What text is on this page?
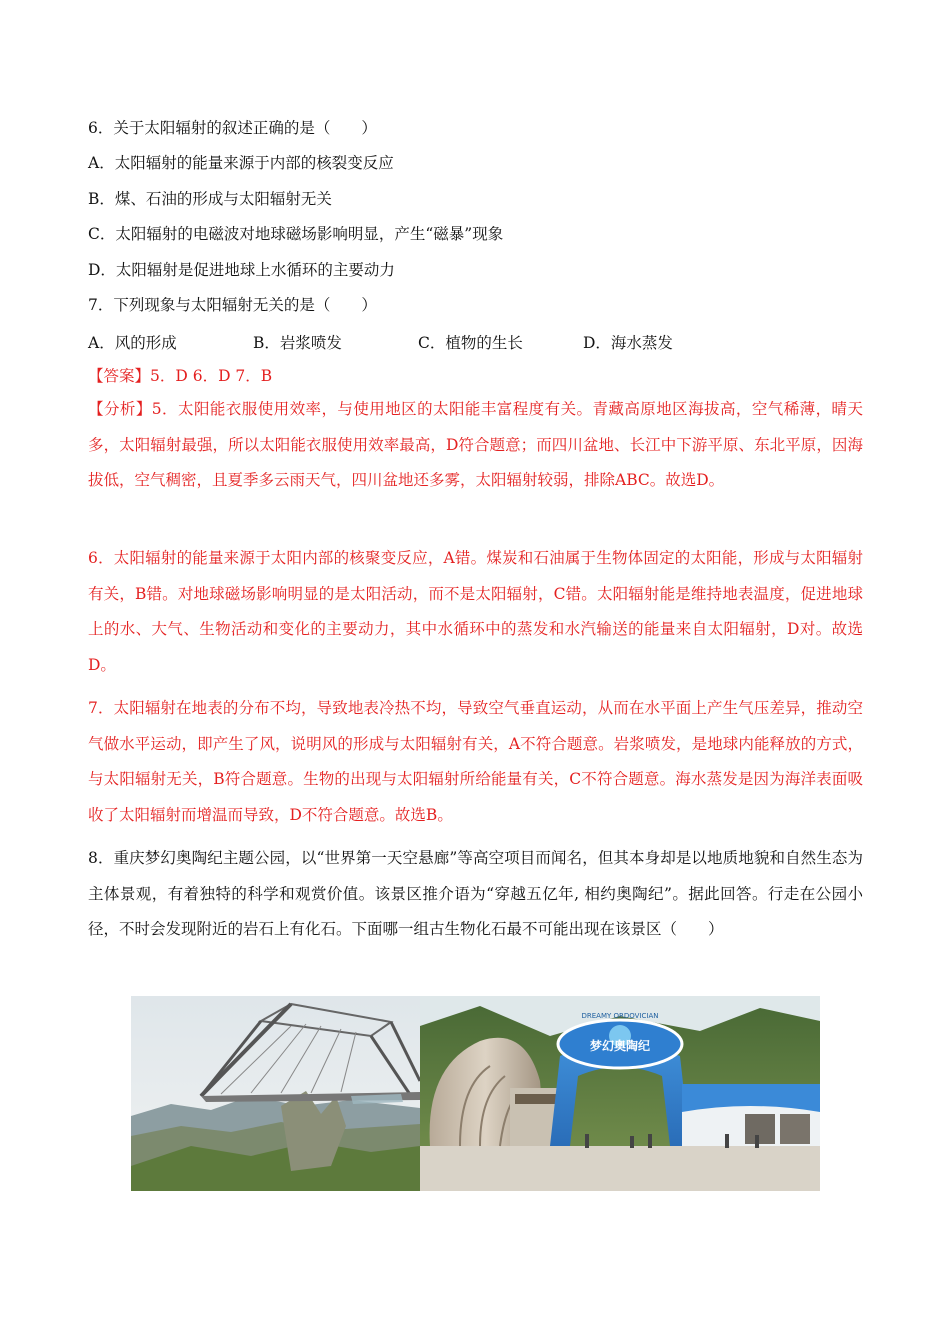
6．关于太阳辐射的叙述正确的是（　　）
A．太阳辐射的能量来源于内部的核裂变反应
B．煤、石油的形成与太阳辐射无关
C．太阳辐射的电磁波对地球磁场影响明显，产生“磁暴”现象
D．太阳辐射是促进地球上水循环的主要动力
7．下列现象与太阳辐射无关的是（　　）
A．风的形成	B．岩浆喷发	C．植物的生长	D．海水蒸发
【答案】5．D 6．D 7．B
【分析】5．太阳能衣服使用效率，与使用地区的太阳能丰富程度有关。青藏高原地区海拔高，空气稀薄，晴天多，太阳辐射最强，所以太阳能衣服使用效率最高，D符合题意；而四川盆地、长江中下游平原、东北平原，因海拔低，空气稠密，且夏季多云雨天气，四川盆地还多雾，太阳辐射较弱，排除ABC。故选D。
6．太阳辐射的能量来源于太阳内部的核聚变反应，A错。煤炭和石油属于生物体固定的太阳能，形成与太阳辐射有关，B错。对地球磁场影响明显的是太阳活动，而不是太阳辐射，C错。太阳辐射能是维持地表温度，促进地球上的水、大气、生物活动和变化的主要动力，其中水循环中的蒸发和水汽输送的能量来自太阳辐射，D对。故选D。
7．太阳辐射在地表的分布不均，导致地表冷热不均，导致空气垂直运动，从而在水平面上产生气压差异，推动空气做水平运动，即产生了风，说明风的形成与太阳辐射有关，A不符合题意。岩浆喷发，是地球内能释放的方式，与太阳辐射无关，B符合题意。生物的出现与太阳辐射所给能量有关，C不符合题意。海水蒸发是因为海洋表面吸收了太阳辐射而增温而导致，D不符合题意。故选B。
8．重庆梦幻奥陶纪主题公园，以“世界第一天空悬廊”等高空项目而闻名，但其本身却是以地质地貌和自然生态为主体景观，有着独特的科学和观赏价值。该景区推介语为“穿越五亿年, 相约奥陶纪”。据此回答。行走在公园小径，不时会发现附近的岩石上有化石。下面哪一组古生物化石最不可能出现在该景区（　　）
梦幻奥陶纪
DREAMY ORDOVICIAN
